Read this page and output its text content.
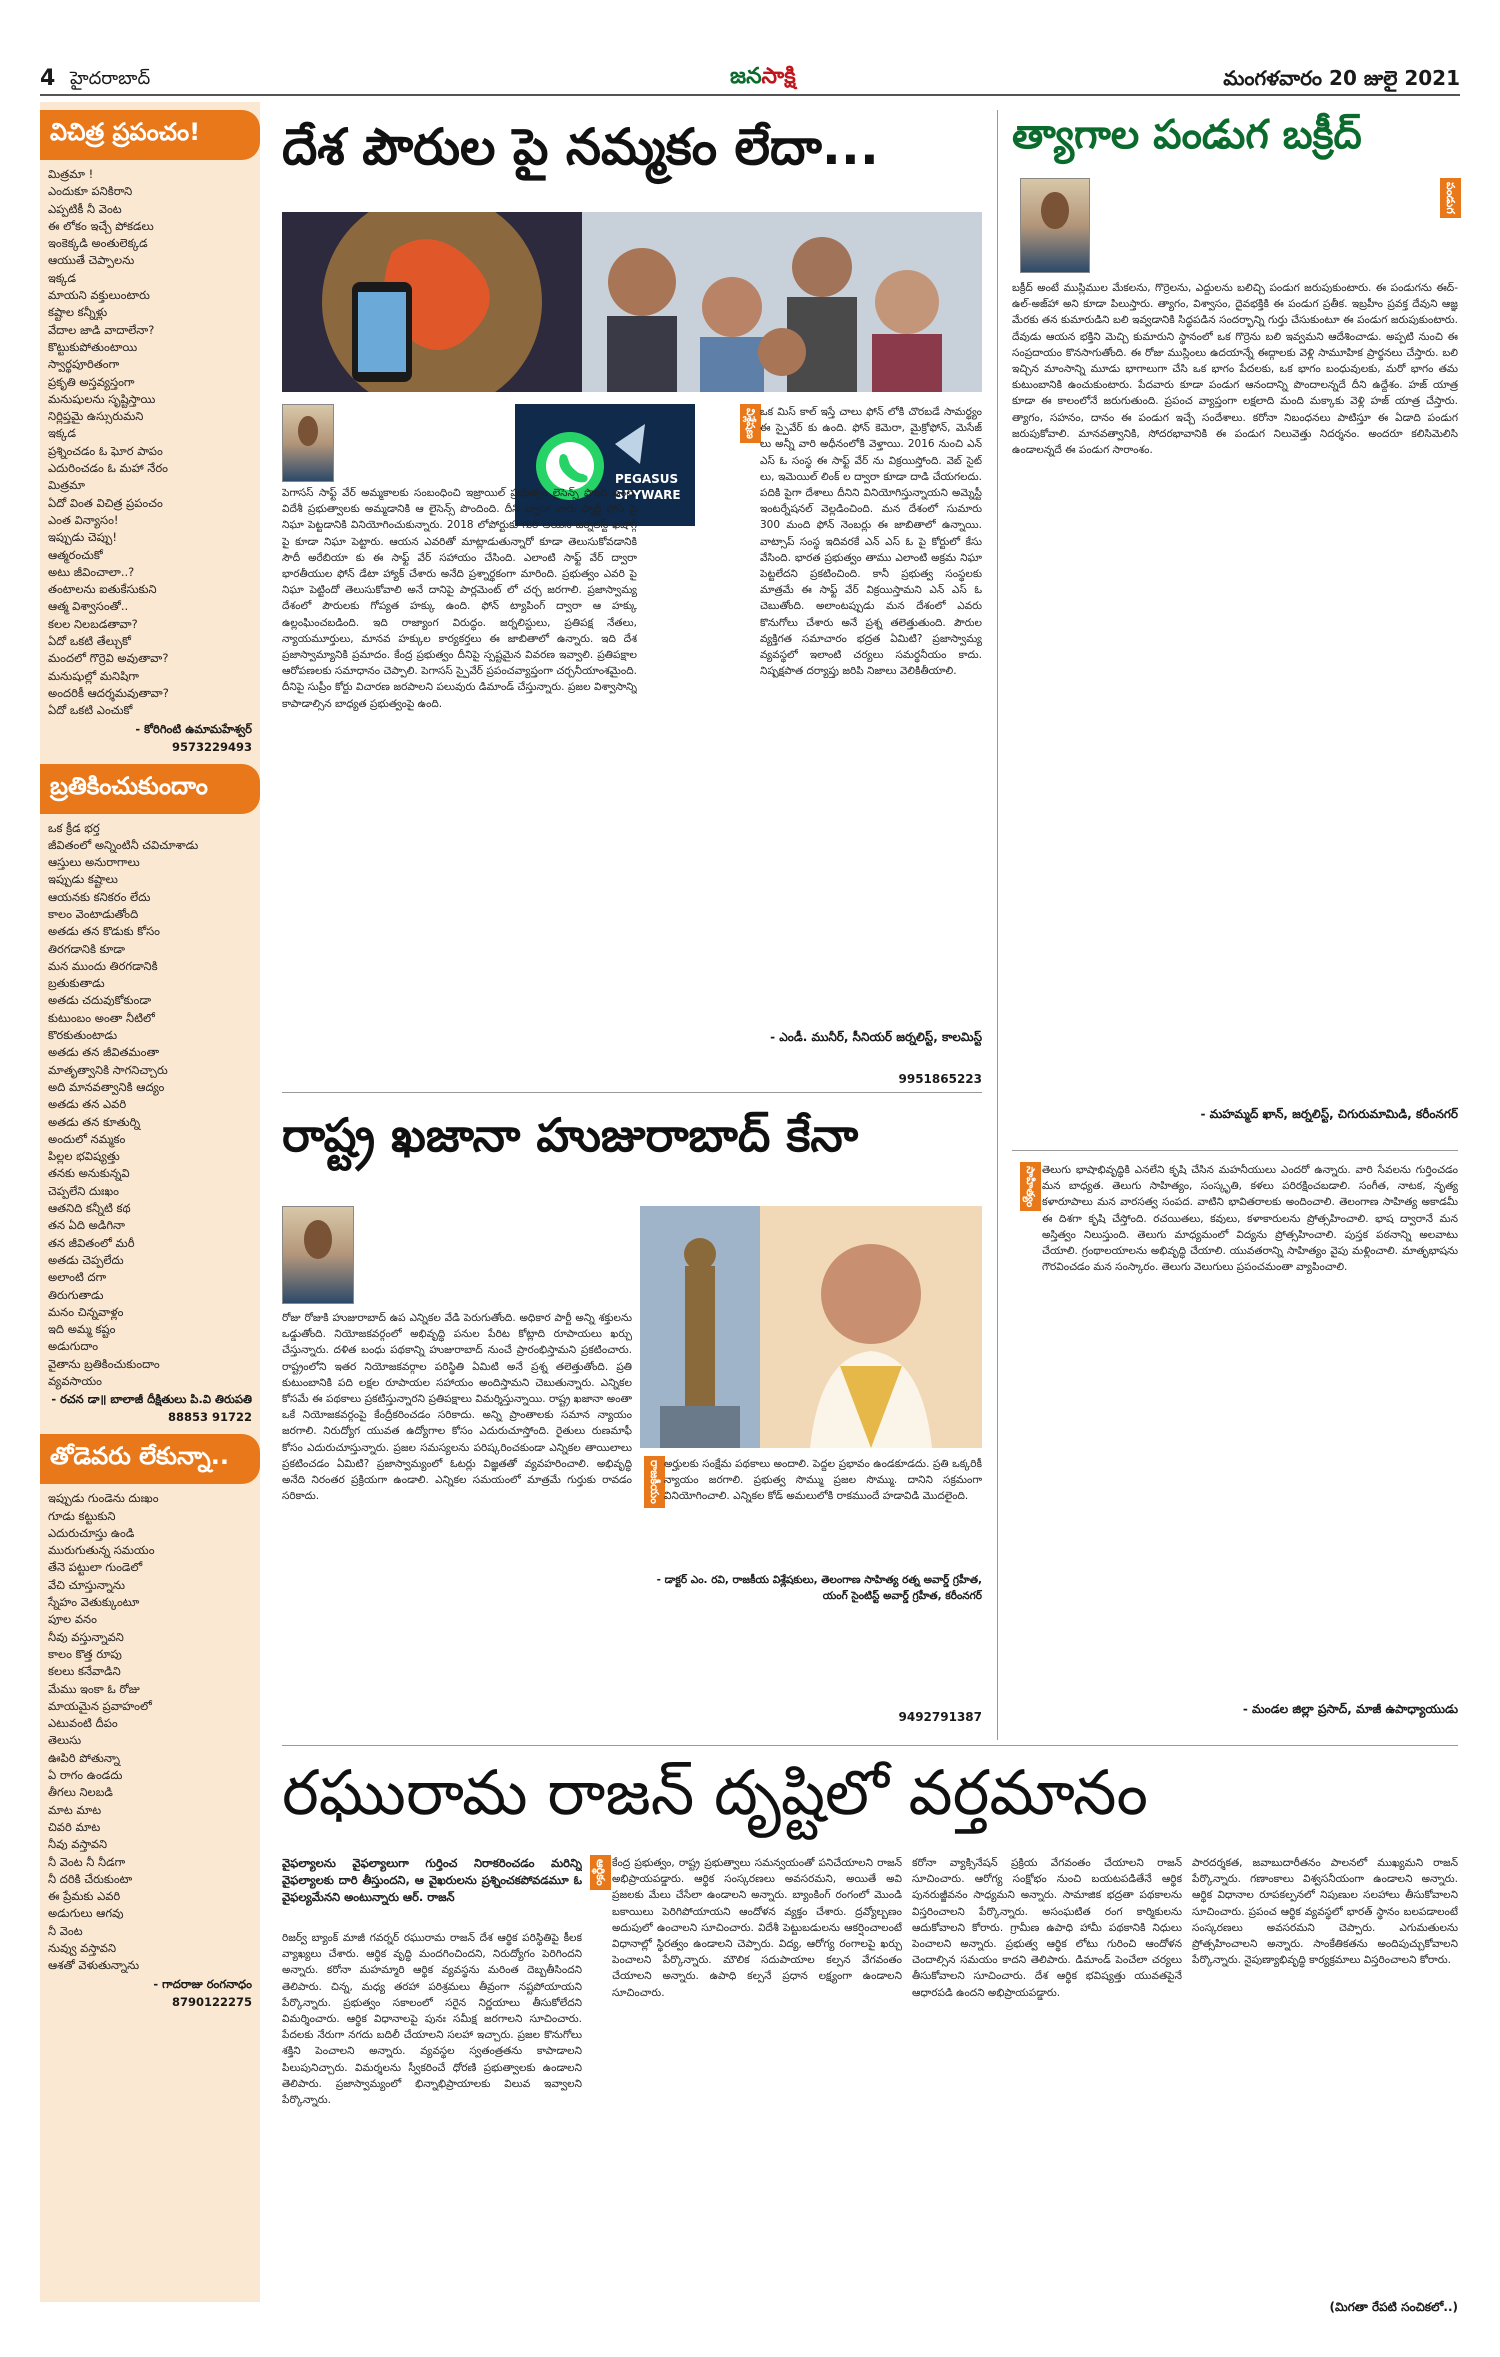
4 హైదరాబాద్	జనసాక్షి	మంగళవారం 20 జులై 2021
విచిత్ర ప్రపంచం!
మిత్రమా !
ఎందుకూ పనికిరాని
ఎప్పటికీ నీ వెంట
ఈ లోకం ఇచ్చే పోకడలు
ఇంకెక్కడి అంతులెక్కడ
ఆయుతే చెప్పాలను
ఇక్కడ
మాయని వక్తులుంటారు
కష్టాల కన్నీళ్లు
వేదాల జాడి వాదాలేనా?
కొట్టుకుపోతుంటాయి
స్వార్థపూరితంగా
ప్రకృతి అస్తవ్యస్తంగా
మనుషులను సృష్టిస్తాయి
నిర్లిప్తమై ఉస్సురుమని
ఇక్కడ
ప్రశ్నించడం ఓ ఘోర పాపం
ఎదురించడం ఓ మహా నేరం
మిత్రమా
ఏదో వింత విచిత్ర ప్రపంచం
ఎంత విన్యాసం!
ఇప్పుడు చెప్పు!
ఆత్మరంచుకో
అటు జీవించాలా..?
తంటాలను ఐతుకేసుకుని
ఆత్మ విశ్వాసంతో..
కలల నిలబడతావా?
ఏదో ఒకటి తేల్చుకో
మందలో గొర్రెవి అవుతావా?
మనుషుల్లో మనిషిగా
అందరికీ ఆదర్శమవుతావా?
ఏదో ఒకటి ఎంచుకో
- కోరిగింటి ఉమామహేశ్వర్
9573229493
బ్రతికించుకుందాం
ఒక క్రీడ భర్త
జీవితంలో అన్నింటినీ చవిచూశాడు
ఆస్తులు అనురాగాలు
ఇప్పుడు కష్టాలు
ఆయనకు కనికరం లేదు
కాలం వెంటాడుతోంది
అతడు తన కొడుకు కోసం
తిరగడానికి కూడా
మన ముందు తిరగడానికి
బ్రతుకుతాడు
అతడు చదువుకోకుండా
కుటుంబం అంతా నీటిలో
కొరకుతుంటాడు
అతడు తన జీవితమంతా
మాతృత్వానికి సాగనిచ్చారు
అది మానవత్వానికి ఆద్యం
అతడు తన ఎవరి
అతడు తన కూతుర్ని
అందులో నమ్మకం
పిల్లల భవిష్యత్తు
తనకు అనుకున్నవి
చెప్పలేని దుఃఖం
ఆతనిది కన్నీటి కథ
తన ఏది అడిగినా
తన జీవితంలో మరీ
అతడు చెప్పలేదు
అలాంటి దగా
తిరుగుతాడు
మనం చిన్నవాళ్లం
ఇది అమ్మ కష్టం
అడుగుదాం
వైతాను బ్రతికించుకుందాం
వ్యవసాయం
- రచన డా॥ బాలాజీ దీక్షితులు పి.వి తిరుపతి
88853 91722
తోడెవరు లేకున్నా..
ఇప్పుడు గుండెను దుఃఖం
గూడు కట్టుకుని
ఎదురుచూస్తు ఉండి
మురుగుతున్న సమయం
తేనె పట్టులా గుండెలో
వేచి చూస్తున్నాను
స్నేహం వెతుక్కుంటూ
పూల వనం
నీవు వస్తున్నావని
కాలం కొత్త రూపు
కలలు కనేవాడిని
మేము ఇంకా ఓ రోజు
మాయమైన ప్రవాహంలో
ఎటువంటి దీపం
తెలుసు
ఊపిరి పోతున్నా
ఏ రాగం ఉండదు
తీగలు నిలబడి
మాట మాట
చివరి మాట
నీవు వస్తావని
నీ వెంట నీ నీడగా
నీ దరికి చేరుకుంటా
ఈ ప్రేమకు ఎవరి
అడుగులు ఆగవు
నీ వెంట
నువ్వు వస్తావని
ఆశతో వెళుతున్నాను
- గాదరాజు రంగనాధం
8790122275
దేశ పౌరుల పై నమ్మకం లేదా...
PEGASUS
SPYWARE
పెగాసస్ సాఫ్ట్ వేర్ అమ్మకాలకు సంబంధించి ఇజ్రాయిల్ ప్రభుత్వం లైసెన్స్ పొంది ఉంది. విదేశీ ప్రభుత్వాలకు అమ్మడానికి ఆ లైసెన్స్ పొందింది. దీని ద్వారా వారు స్మార్ట్ ఫోన్ పై నిఘా పెట్టడానికి వినియోగించుకున్నారు. 2018 లోపోర్టుకు గురి అయిన జర్నలిస్ట్ ఖషోగ్గీ పై కూడా నిఘా పెట్టారు. ఆయన ఎవరితో మాట్లాడుతున్నారో కూడా తెలుసుకోవడానికి సౌదీ అరేబియా కు ఈ సాఫ్ట్ వేర్ సహాయం చేసింది. ఎలాంటి సాఫ్ట్ వేర్ ద్వారా భారతీయుల ఫోన్ డేటా హ్యాక్ చేశారు అనేది ప్రశ్నార్థకంగా మారింది. ప్రభుత్వం ఎవరి పై నిఘా పెట్టిందో తెలుసుకోవాలి అనే దానిపై పార్లమెంట్ లో చర్చ జరగాలి. ప్రజాస్వామ్య దేశంలో పౌరులకు గోప్యత హక్కు ఉంది. ఫోన్ ట్యాపింగ్ ద్వారా ఆ హక్కు ఉల్లంఘించబడింది. ఇది రాజ్యాంగ విరుద్ధం. జర్నలిస్టులు, ప్రతిపక్ష నేతలు, న్యాయమూర్తులు, మానవ హక్కుల కార్యకర్తలు ఈ జాబితాలో ఉన్నారు. ఇది దేశ ప్రజాస్వామ్యానికి ప్రమాదం. కేంద్ర ప్రభుత్వం దీనిపై స్పష్టమైన వివరణ ఇవ్వాలి. ప్రతిపక్షాల ఆరోపణలకు సమాధానం చెప్పాలి. పెగాసస్ స్పైవేర్ ప్రపంచవ్యాప్తంగా చర్చనీయాంశమైంది. దీనిపై సుప్రీం కోర్టు విచారణ జరపాలని పలువురు డిమాండ్ చేస్తున్నారు. ప్రజల విశ్వాసాన్ని కాపాడాల్సిన బాధ్యత ప్రభుత్వంపై ఉంది.
విశ్లేషణ ఒక మిస్ కాల్ ఇస్తే చాలు ఫోన్ లోకి చొరబడే సామర్థ్యం ఈ స్పైవేర్ కు ఉంది. ఫోన్ కెమెరా, మైక్రోఫోన్, మెసేజ్ లు అన్నీ వారి అధీనంలోకి వెళ్తాయి. 2016 నుంచి ఎన్ ఎస్ ఓ సంస్థ ఈ సాఫ్ట్ వేర్ ను విక్రయిస్తోంది. వెబ్ సైట్ లు, ఇమెయిల్ లింక్ ల ద్వారా కూడా దాడి చేయగలదు. పదికి పైగా దేశాలు దీనిని వినియోగిస్తున్నాయని అమ్నెస్టీ ఇంటర్నేషనల్ వెల్లడించింది. మన దేశంలో సుమారు 300 మంది ఫోన్ నెంబర్లు ఈ జాబితాలో ఉన్నాయి. వాట్సాప్ సంస్థ ఇదివరకే ఎన్ ఎస్ ఓ పై కోర్టులో కేసు వేసింది. భారత ప్రభుత్వం తాము ఎలాంటి అక్రమ నిఘా పెట్టలేదని ప్రకటించింది. కానీ ప్రభుత్వ సంస్థలకు మాత్రమే ఈ సాఫ్ట్ వేర్ విక్రయిస్తామని ఎన్ ఎస్ ఓ చెబుతోంది. అలాంటప్పుడు మన దేశంలో ఎవరు కొనుగోలు చేశారు అనే ప్రశ్న తలెత్తుతుంది. పౌరుల వ్యక్తిగత సమాచారం భద్రత ఏమిటి? ప్రజాస్వామ్య వ్యవస్థలో ఇలాంటి చర్యలు సమర్థనీయం కాదు. నిష్పక్షపాత దర్యాప్తు జరిపి నిజాలు వెలికితీయాలి.
- ఎండీ. మునీర్, సీనియర్ జర్నలిస్ట్, కాలమిస్ట్
9951865223
త్యాగాల పండుగ బక్రీద్
పండుగ
బక్రీద్ అంటే ముస్లిముల మేకలను, గొర్రెలను, ఎద్దులను బలిచ్చి పండుగ జరుపుకుంటారు. ఈ పండుగను ఈద్-ఉల్-అజ్‌హా అని కూడా పిలుస్తారు. త్యాగం, విశ్వాసం, దైవభక్తికి ఈ పండుగ ప్రతీక. ఇబ్రహీం ప్రవక్త దేవుని ఆజ్ఞ మేరకు తన కుమారుడిని బలి ఇవ్వడానికి సిద్ధపడిన సందర్భాన్ని గుర్తు చేసుకుంటూ ఈ పండుగ జరుపుకుంటారు. దేవుడు ఆయన భక్తిని మెచ్చి కుమారుని స్థానంలో ఒక గొర్రెను బలి ఇవ్వమని ఆదేశించాడు. అప్పటి నుంచి ఈ సంప్రదాయం కొనసాగుతోంది. ఈ రోజు ముస్లింలు ఉదయాన్నే ఈద్గాలకు వెళ్లి సామూహిక ప్రార్థనలు చేస్తారు. బలి ఇచ్చిన మాంసాన్ని మూడు భాగాలుగా చేసి ఒక భాగం పేదలకు, ఒక భాగం బంధువులకు, మరో భాగం తమ కుటుంబానికి ఉంచుకుంటారు. పేదవారు కూడా పండుగ ఆనందాన్ని పొందాలన్నదే దీని ఉద్దేశం. హజ్ యాత్ర కూడా ఈ కాలంలోనే జరుగుతుంది. ప్రపంచ వ్యాప్తంగా లక్షలాది మంది మక్కాకు వెళ్లి హజ్ యాత్ర చేస్తారు. త్యాగం, సహనం, దానం ఈ పండుగ ఇచ్చే సందేశాలు. కరోనా నిబంధనలు పాటిస్తూ ఈ ఏడాది పండుగ జరుపుకోవాలి. మానవత్వానికి, సోదరభావానికి ఈ పండుగ నిలువెత్తు నిదర్శనం. అందరూ కలిసిమెలిసి ఉండాలన్నదే ఈ పండుగ సారాంశం.
- మహమ్మద్ ఖాన్, జర్నలిస్ట్, చిగురుమామిడి, కరీంనగర్
సాహిత్యం తెలుగు భాషాభివృద్ధికి ఎనలేని కృషి చేసిన మహనీయులు ఎందరో ఉన్నారు. వారి సేవలను గుర్తించడం మన బాధ్యత. తెలుగు సాహిత్యం, సంస్కృతి, కళలు పరిరక్షించబడాలి. సంగీత, నాటక, నృత్య కళారూపాలు మన వారసత్వ సంపద. వాటిని భావితరాలకు అందించాలి. తెలంగాణ సాహిత్య అకాడమీ ఈ దిశగా కృషి చేస్తోంది. రచయితలు, కవులు, కళాకారులను ప్రోత్సహించాలి. భాష ద్వారానే మన అస్తిత్వం నిలుస్తుంది. తెలుగు మాధ్యమంలో విద్యను ప్రోత్సహించాలి. పుస్తక పఠనాన్ని అలవాటు చేయాలి. గ్రంథాలయాలను అభివృద్ధి చేయాలి. యువతరాన్ని సాహిత్యం వైపు మళ్లించాలి. మాతృభాషను గౌరవించడం మన సంస్కారం. తెలుగు వెలుగులు ప్రపంచమంతా వ్యాపించాలి.
- మండల జిల్లా ప్రసాద్, మాజీ ఉపాధ్యాయుడు
రాష్ట్ర ఖజానా హుజురాబాద్ కేనా
రోజు రోజుకి హుజురాబాద్ ఉప ఎన్నికల వేడి పెరుగుతోంది. అధికార పార్టీ అన్ని శక్తులను ఒడ్డుతోంది. నియోజకవర్గంలో అభివృద్ధి పనుల పేరిట కోట్లాది రూపాయలు ఖర్చు చేస్తున్నారు. దళిత బంధు పథకాన్ని హుజురాబాద్ నుంచే ప్రారంభిస్తామని ప్రకటించారు. రాష్ట్రంలోని ఇతర నియోజకవర్గాల పరిస్థితి ఏమిటి అనే ప్రశ్న తలెత్తుతోంది. ప్రతి కుటుంబానికి పది లక్షల రూపాయల సహాయం అందిస్తామని చెబుతున్నారు. ఎన్నికల కోసమే ఈ పథకాలు ప్రకటిస్తున్నారని ప్రతిపక్షాలు విమర్శిస్తున్నాయి. రాష్ట్ర ఖజానా అంతా ఒకే నియోజకవర్గంపై కేంద్రీకరించడం సరికాదు. అన్ని ప్రాంతాలకు సమాన న్యాయం జరగాలి. నిరుద్యోగ యువత ఉద్యోగాల కోసం ఎదురుచూస్తోంది. రైతులు రుణమాఫీ కోసం ఎదురుచూస్తున్నారు. ప్రజల సమస్యలను పరిష్కరించకుండా ఎన్నికల తాయిలాలు ప్రకటించడం ఏమిటి? ప్రజాస్వామ్యంలో ఓటర్లు విజ్ఞతతో వ్యవహరించాలి. అభివృద్ధి అనేది నిరంతర ప్రక్రియగా ఉండాలి. ఎన్నికల సమయంలో మాత్రమే గుర్తుకు రావడం సరికాదు.	రాజకీయం అర్హులకు సంక్షేమ పథకాలు అందాలి. పెద్దల ప్రభావం ఉండకూడదు. ప్రతి ఒక్కరికీ న్యాయం జరగాలి. ప్రభుత్వ సొమ్ము ప్రజల సొమ్ము. దానిని సక్రమంగా వినియోగించాలి. ఎన్నికల కోడ్ అమలులోకి రాకముందే హడావిడి మొదలైంది.
- డాక్టర్ ఎం. రవి, రాజకీయ విశ్లేషకులు, తెలంగాణ సాహిత్య రత్న అవార్డ్ గ్రహీత, యంగ్ సైంటిస్ట్ అవార్డ్ గ్రహీత, కరీంనగర్
9492791387
రఘురామ రాజన్ దృష్టిలో వర్తమానం
వైఫల్యాలను వైఫల్యాలుగా గుర్తించ నిరాకరించడం మరిన్ని వైఫల్యాలకు దారి తీస్తుందని, ఆ వైఖరులను ప్రశ్నించకపోవడమూ ఓ వైఫల్యమేనని అంటున్నారు ఆర్. రాజన్
రిజర్వ్ బ్యాంక్ మాజీ గవర్నర్ రఘురామ రాజన్ దేశ ఆర్థిక పరిస్థితిపై కీలక వ్యాఖ్యలు చేశారు. ఆర్థిక వృద్ధి మందగించిందని, నిరుద్యోగం పెరిగిందని అన్నారు. కరోనా మహమ్మారి ఆర్థిక వ్యవస్థను మరింత దెబ్బతీసిందని తెలిపారు. చిన్న, మధ్య తరహా పరిశ్రమలు తీవ్రంగా నష్టపోయాయని పేర్కొన్నారు. ప్రభుత్వం సకాలంలో సరైన నిర్ణయాలు తీసుకోలేదని విమర్శించారు. ఆర్థిక విధానాలపై పునః సమీక్ష జరగాలని సూచించారు. పేదలకు నేరుగా నగదు బదిలీ చేయాలని సలహా ఇచ్చారు. ప్రజల కొనుగోలు శక్తిని పెంచాలని అన్నారు. వ్యవస్థల స్వతంత్రతను కాపాడాలని పిలుపునిచ్చారు. విమర్శలను స్వీకరించే ధోరణి ప్రభుత్వాలకు ఉండాలని తెలిపారు. ప్రజాస్వామ్యంలో భిన్నాభిప్రాయాలకు విలువ ఇవ్వాలని పేర్కొన్నారు.
ఆర్థికం కేంద్ర ప్రభుత్వం, రాష్ట్ర ప్రభుత్వాలు సమన్వయంతో పనిచేయాలని రాజన్ అభిప్రాయపడ్డారు. ఆర్థిక సంస్కరణలు అవసరమని, అయితే అవి ప్రజలకు మేలు చేసేలా ఉండాలని అన్నారు. బ్యాంకింగ్ రంగంలో మొండి బకాయిలు పెరిగిపోయాయని ఆందోళన వ్యక్తం చేశారు. ద్రవ్యోల్బణం అదుపులో ఉంచాలని సూచించారు. విదేశీ పెట్టుబడులను ఆకర్షించాలంటే విధానాల్లో స్థిరత్వం ఉండాలని చెప్పారు. విద్య, ఆరోగ్య రంగాలపై ఖర్చు పెంచాలని పేర్కొన్నారు. మౌలిక సదుపాయాల కల్పన వేగవంతం చేయాలని అన్నారు. ఉపాధి కల్పనే ప్రధాన లక్ష్యంగా ఉండాలని సూచించారు.
కరోనా వ్యాక్సినేషన్ ప్రక్రియ వేగవంతం చేయాలని రాజన్ సూచించారు. ఆరోగ్య సంక్షోభం నుంచి బయటపడితేనే ఆర్థిక పునరుజ్జీవనం సాధ్యమని అన్నారు. సామాజిక భద్రతా పథకాలను విస్తరించాలని పేర్కొన్నారు. అసంఘటిత రంగ కార్మికులను ఆదుకోవాలని కోరారు. గ్రామీణ ఉపాధి హామీ పథకానికి నిధులు పెంచాలని అన్నారు. ప్రభుత్వ ఆర్థిక లోటు గురించి ఆందోళన చెందాల్సిన సమయం కాదని తెలిపారు. డిమాండ్ పెంచేలా చర్యలు తీసుకోవాలని సూచించారు. దేశ ఆర్థిక భవిష్యత్తు యువతపైనే ఆధారపడి ఉందని అభిప్రాయపడ్డారు.
పారదర్శకత, జవాబుదారీతనం పాలనలో ముఖ్యమని రాజన్ పేర్కొన్నారు. గణాంకాలు విశ్వసనీయంగా ఉండాలని అన్నారు. ఆర్థిక విధానాల రూపకల్పనలో నిపుణుల సలహాలు తీసుకోవాలని సూచించారు. ప్రపంచ ఆర్థిక వ్యవస్థలో భారత్ స్థానం బలపడాలంటే సంస్కరణలు అవసరమని చెప్పారు. ఎగుమతులను ప్రోత్సహించాలని అన్నారు. సాంకేతికతను అందిపుచ్చుకోవాలని పేర్కొన్నారు. నైపుణ్యాభివృద్ధి కార్యక్రమాలు విస్తరించాలని కోరారు.
(మిగతా రేపటి సంచికలో..)
